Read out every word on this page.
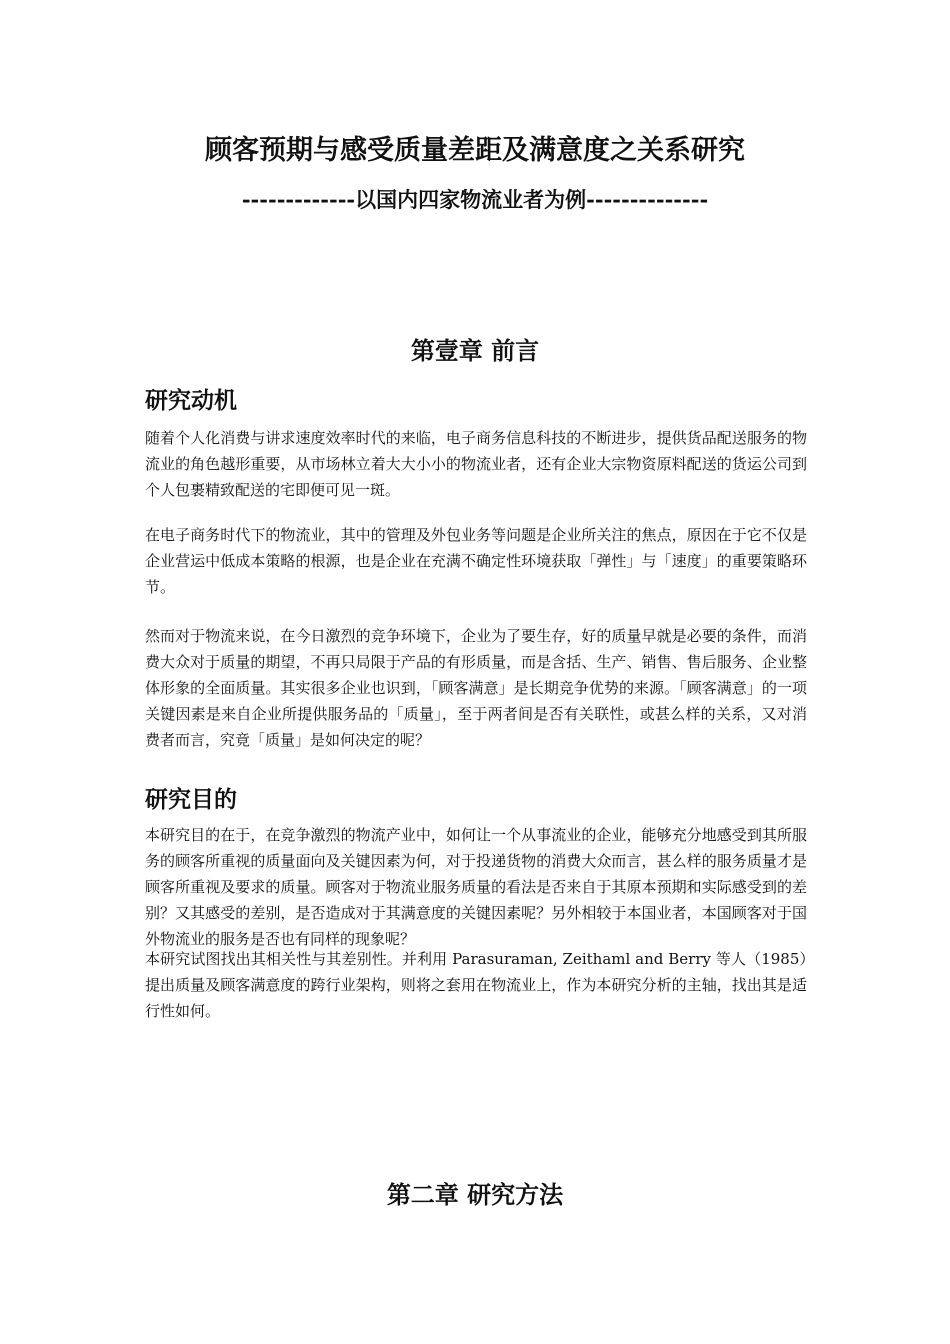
顾客预期与感受质量差距及满意度之关系研究
-------------以国内四家物流业者为例--------------
第壹章 前言
研究动机

随着个人化消费与讲求速度效率时代的来临，电子商务信息科技的不断进步，提供货品配送服务的物流业的角色越形重要，从市场林立着大大小小的物流业者，还有企业大宗物资原料配送的货运公司到个人包裹精致配送的宅即便可见一斑。

在电子商务时代下的物流业，其中的管理及外包业务等问题是企业所关注的焦点，原因在于它不仅是企业营运中低成本策略的根源，也是企业在充满不确定性环境获取「弹性」与「速度」的重要策略环节。

然而对于物流来说，在今日激烈的竞争环境下，企业为了要生存，好的质量早就是必要的条件，而消费大众对于质量的期望，不再只局限于产品的有形质量，而是含括、生产、销售、售后服务、企业整体形象的全面质量。其实很多企业也识到，「顾客满意」是长期竞争优势的来源。「顾客满意」的一项关键因素是来自企业所提供服务品的「质量」，至于两者间是否有关联性，或甚么样的关系，又对消费者而言，究竟「质量」是如何决定的呢？

研究目的

本研究目的在于，在竞争激烈的物流产业中，如何让一个从事流业的企业，能够充分地感受到其所服务的顾客所重视的质量面向及关键因素为何，对于投递货物的消费大众而言，甚么样的服务质量才是顾客所重视及要求的质量。顾客对于物流业服务质量的看法是否来自于其原本预期和实际感受到的差别？又其感受的差别，是否造成对于其满意度的关键因素呢？另外相较于本国业者，本国顾客对于国外物流业的服务是否也有同样的现象呢？

本研究试图找出其相关性与其差别性。并利用 Parasuraman, Zeithaml and Berry 等人（1985）提出质量及顾客满意度的跨行业架构，则将之套用在物流业上，作为本研究分析的主轴，找出其是适行性如何。

第二章 研究方法
